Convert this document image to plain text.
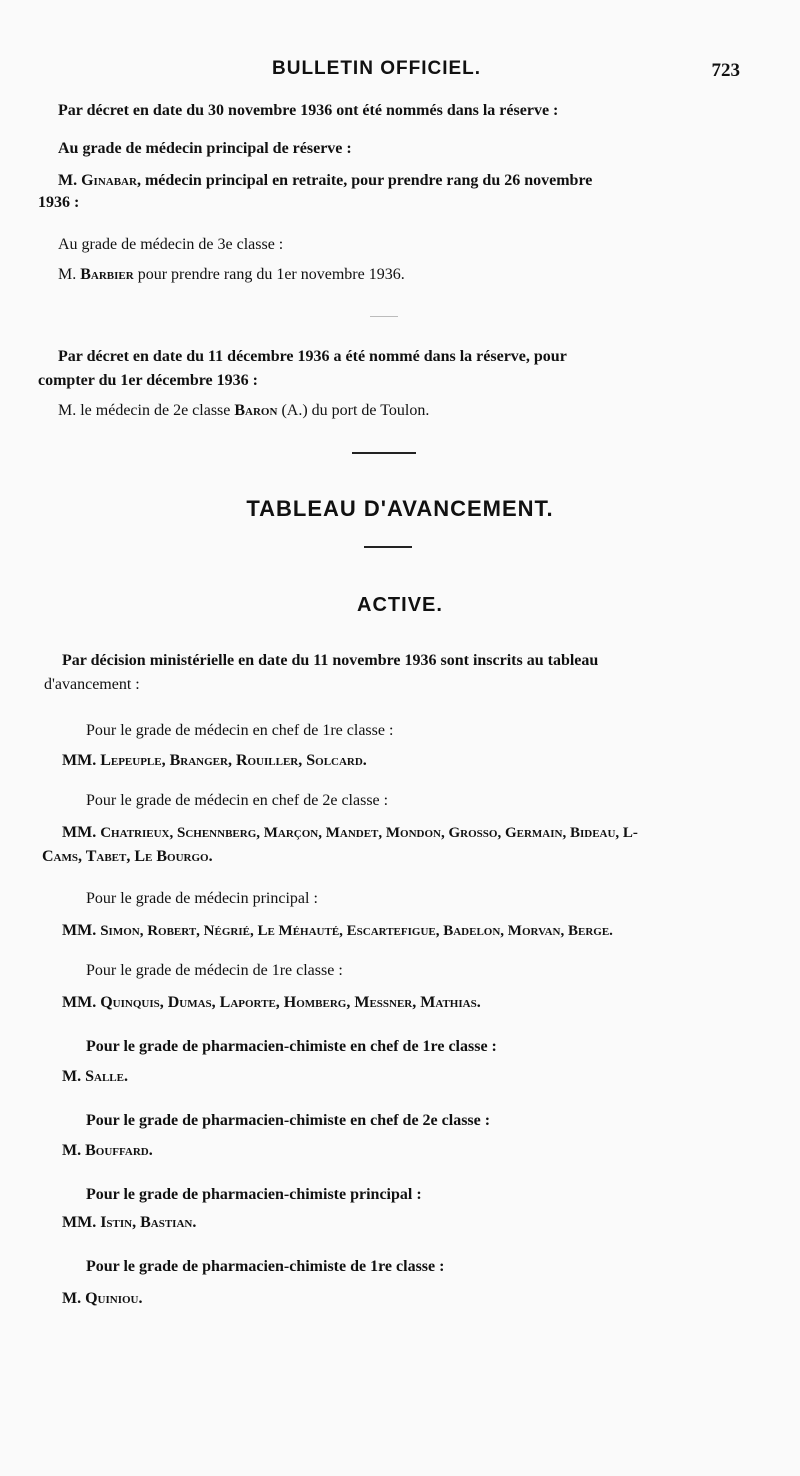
BULLETIN OFFICIEL.	723
Par décret en date du 30 novembre 1936 ont été nommés dans la réserve :
Au grade de médecin principal de réserve :
M. Ginabar, médecin principal en retraite, pour prendre rang du 26 novembre
1936 :
Au grade de médecin de 3e classe :
M. Barbier pour prendre rang du 1er novembre 1936.
Par décret en date du 11 décembre 1936 a été nommé dans la réserve, pour
compter du 1er décembre 1936 :
M. le médecin de 2e classe Baron (A.) du port de Toulon.
TABLEAU D'AVANCEMENT.
ACTIVE.
Par décision ministérielle en date du 11 novembre 1936 sont inscrits au tableau
d'avancement :
Pour le grade de médecin en chef de 1re classe :
MM. Lepeuple, Branger, Rouiller, Solcard.
Pour le grade de médecin en chef de 2e classe :
MM. Chatrieux, Schennberg, Marçon, Mandet, Mondon, Grosso, Germain, Bideau, L-
Cams, Tabet, Le Bourgo.
Pour le grade de médecin principal :
MM. Simon, Robert, Négrié, Le Méhauté, Escartefigue, Badelon, Morvan, Berge.
Pour le grade de médecin de 1re classe :
MM. Quinquis, Dumas, Laporte, Homberg, Messner, Mathias.
Pour le grade de pharmacien-chimiste en chef de 1re classe :
M. Salle.
Pour le grade de pharmacien-chimiste en chef de 2e classe :
M. Bouffard.
Pour le grade de pharmacien-chimiste principal :
MM. Istin, Bastian.
Pour le grade de pharmacien-chimiste de 1re classe :
M. Quiniou.
